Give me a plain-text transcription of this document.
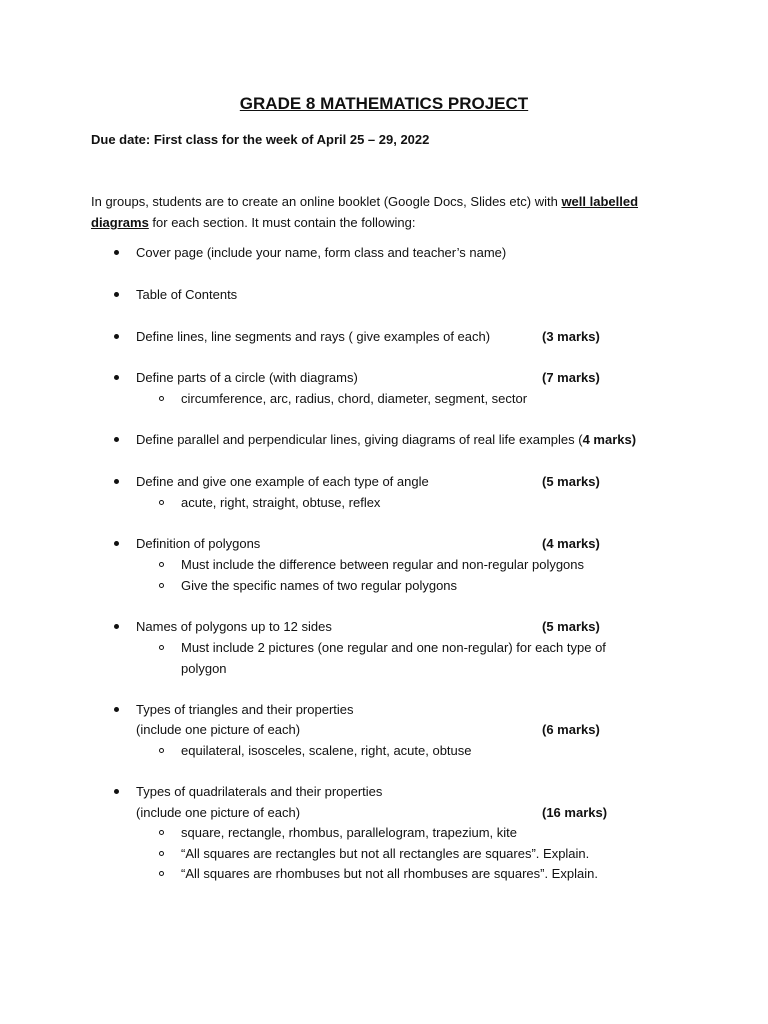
GRADE 8 MATHEMATICS PROJECT
Due date: First class for the week of April 25 – 29, 2022
In groups, students are to create an online booklet (Google Docs, Slides etc) with well labelled diagrams for each section. It must contain the following:
Cover page (include your name, form class and teacher’s name)
Table of Contents
Define lines, line segments and rays ( give examples of each)	(3 marks)
Define parts of a circle (with diagrams)	(7 marks)
circumference, arc, radius, chord, diameter, segment, sector
Define parallel and perpendicular lines, giving diagrams of real life examples (4 marks)
Define and give one example of each type of angle	(5 marks)
acute, right, straight, obtuse, reflex
Definition of polygons	(4 marks)
Must include the difference between regular and non-regular polygons
Give the specific names of two regular polygons
Names of polygons up to 12 sides	(5 marks)
Must include 2 pictures (one regular and one non-regular) for each type of
polygon
Types of triangles and their properties
(include one picture of each)	(6 marks)
equilateral, isosceles, scalene, right, acute, obtuse
Types of quadrilaterals and their properties
(include one picture of each)	(16 marks)
square, rectangle, rhombus, parallelogram, trapezium, kite
“All squares are rectangles but not all rectangles are squares”. Explain.
“All squares are rhombuses but not all rhombuses are squares”. Explain.
